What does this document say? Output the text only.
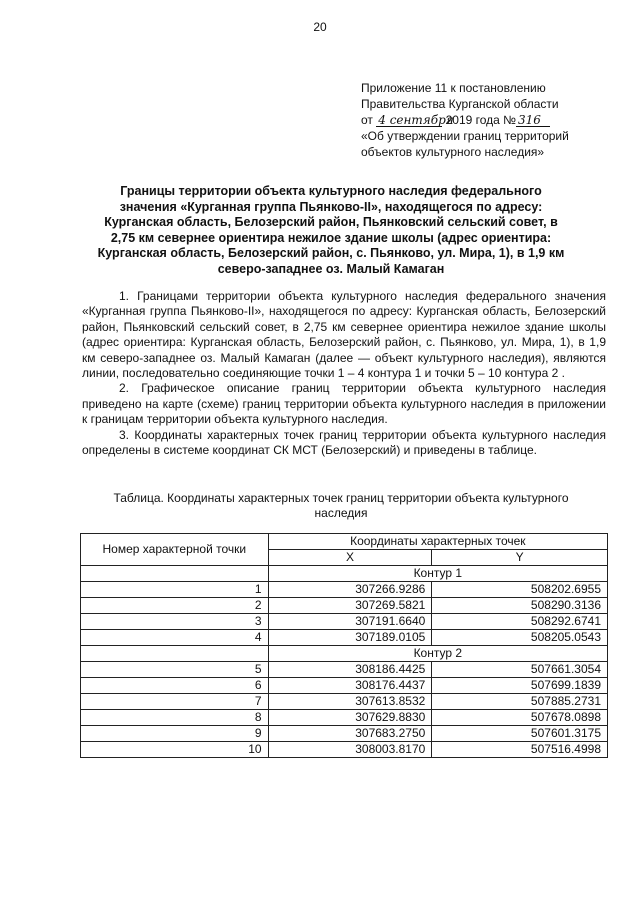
20
Приложение 11 к постановлению
Правительства Курганской области
от 4 сентября 2019 года № 316
«Об утверждении границ территорий
объектов культурного наследия»
Границы территории объекта культурного наследия федерального значения «Курганная группа Пьянково-II», находящегося по адресу: Курганская область, Белозерский район, Пьянковский сельский совет, в 2,75 км севернее ориентира нежилое здание школы (адрес ориентира: Курганская область, Белозерский район, с. Пьянково, ул. Мира, 1), в 1,9 км северо-западнее оз. Малый Камаган

1. Границами территории объекта культурного наследия федерального значения «Курганная группа Пьянково-II», находящегося по адресу: Курганская область, Белозерский район, Пьянковский сельский совет, в 2,75 км севернее ориентира нежилое здание школы (адрес ориентира: Курганская область, Белозерский район, с. Пьянково, ул. Мира, 1), в 1,9 км северо-западнее оз. Малый Камаган (далее — объект культурного наследия), являются линии, последовательно соединяющие точки 1 – 4 контура 1 и точки 5 – 10 контура 2 .

2. Графическое описание границ территории объекта культурного наследия приведено на карте (схеме) границ территории объекта культурного наследия в приложении к границам территории объекта культурного наследия.

3. Координаты характерных точек границ территории объекта культурного наследия определены в системе координат СК МСТ (Белозерский) и приведены в таблице.

Таблица. Координаты характерных точек границ территории объекта культурного наследия
Номер характерной точки	Координаты характерных точек	
	X	Y
	Контур 1	
1	307266.9286	508202.6955
2	307269.5821	508290.3136
3	307191.6640	508292.6741
4	307189.0105	508205.0543
	Контур 2	
5	308186.4425	507661.3054
6	308176.4437	507699.1839
7	307613.8532	507885.2731
8	307629.8830	507678.0898
9	307683.2750	507601.3175
10	308003.8170	507516.4998
